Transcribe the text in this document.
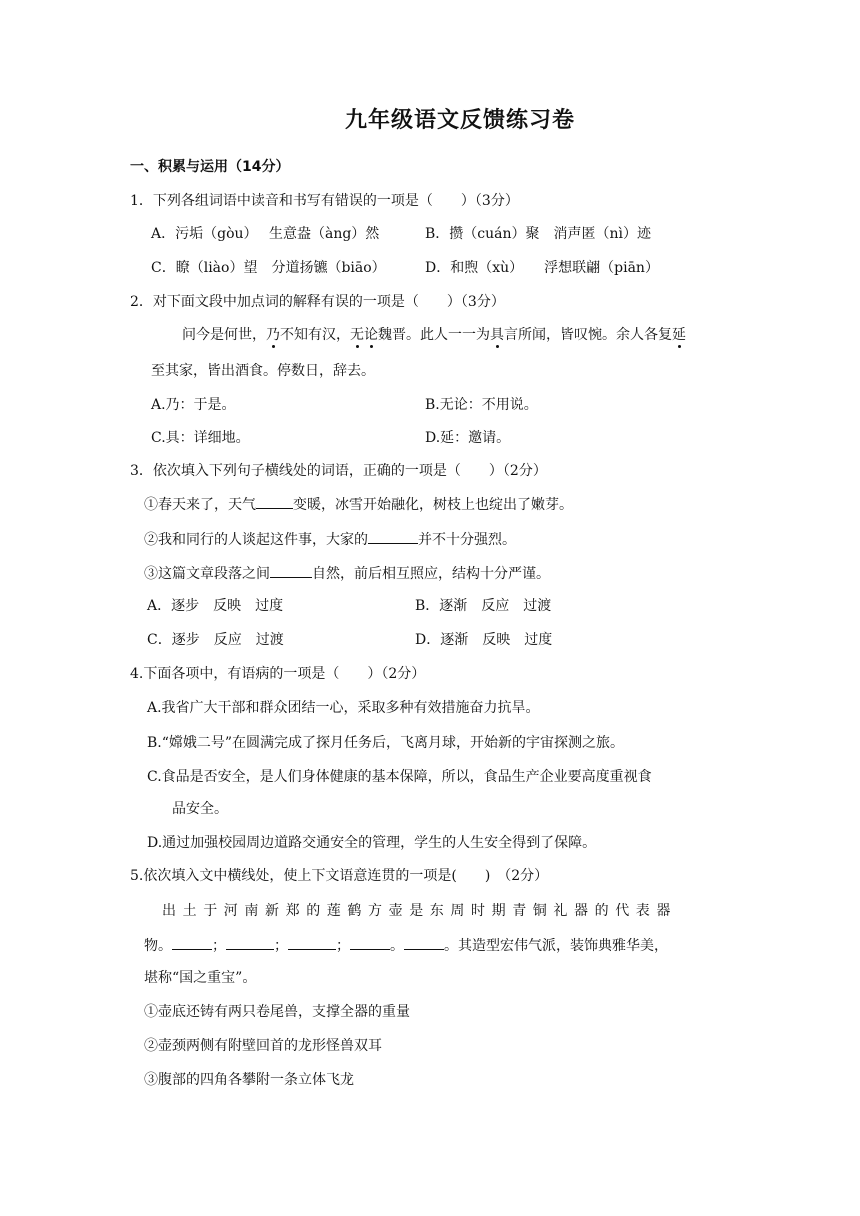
九年级语文反馈练习卷
一、积累与运用（14分）
1．下列各组词语中读音和书写有错误的一项是（　　）（3分）
A．污垢（gòu）　 生意盎（àng）然	B．攒（cuán）聚　消声匿（nì）迹
C．瞭（liào）望　分道扬镳（biāo）	D．和煦（xù）　　浮想联翩（piān）
2．对下面文段中加点词的解释有误的一项是（　　）（3分）
问今是何世，乃不知有汉，无论魏晋。此人一一为具言所闻，皆叹惋。余人各复延
至其家，皆出酒食。停数日，辞去。
A.乃：于是。	B.无论：不用说。
C.具：详细地。	D.延：邀请。
3．依次填入下列句子横线处的词语，正确的一项是（　　）（2分）
①春天来了，天气	变暖，冰雪开始融化，树枝上也绽出了嫩芽。
②我和同行的人谈起这件事，大家的	并不十分强烈。
③这篇文章段落之间	自然，前后相互照应，结构十分严谨。
A．逐步　反映　过度	B．逐渐　反应　过渡
C．逐步　反应　过渡	D．逐渐　反映　过度
4.下面各项中，有语病的一项是（　　）（2分）
A.我省广大干部和群众团结一心，采取多种有效措施奋力抗旱。
B.“嫦娥二号”在圆满完成了探月任务后，飞离月球，开始新的宇宙探测之旅。
C.食品是否安全，是人们身体健康的基本保障，所以，食品生产企业要高度重视食
品安全。
D.通过加强校园周边道路交通安全的管理，学生的人生安全得到了保障。
5.依次填入文中横线处，使上下文语意连贯的一项是(　　)　（2分）
出土于河南新郑的莲鹤方壶是东周时期青铜礼器的代表器
物。	；	；	；	。	。其造型宏伟气派，装饰典雅华美，
堪称“国之重宝”。
①壶底还铸有两只卷尾兽，支撑全器的重量
②壶颈两侧有附壁回首的龙形怪兽双耳
③腹部的四角各攀附一条立体飞龙
